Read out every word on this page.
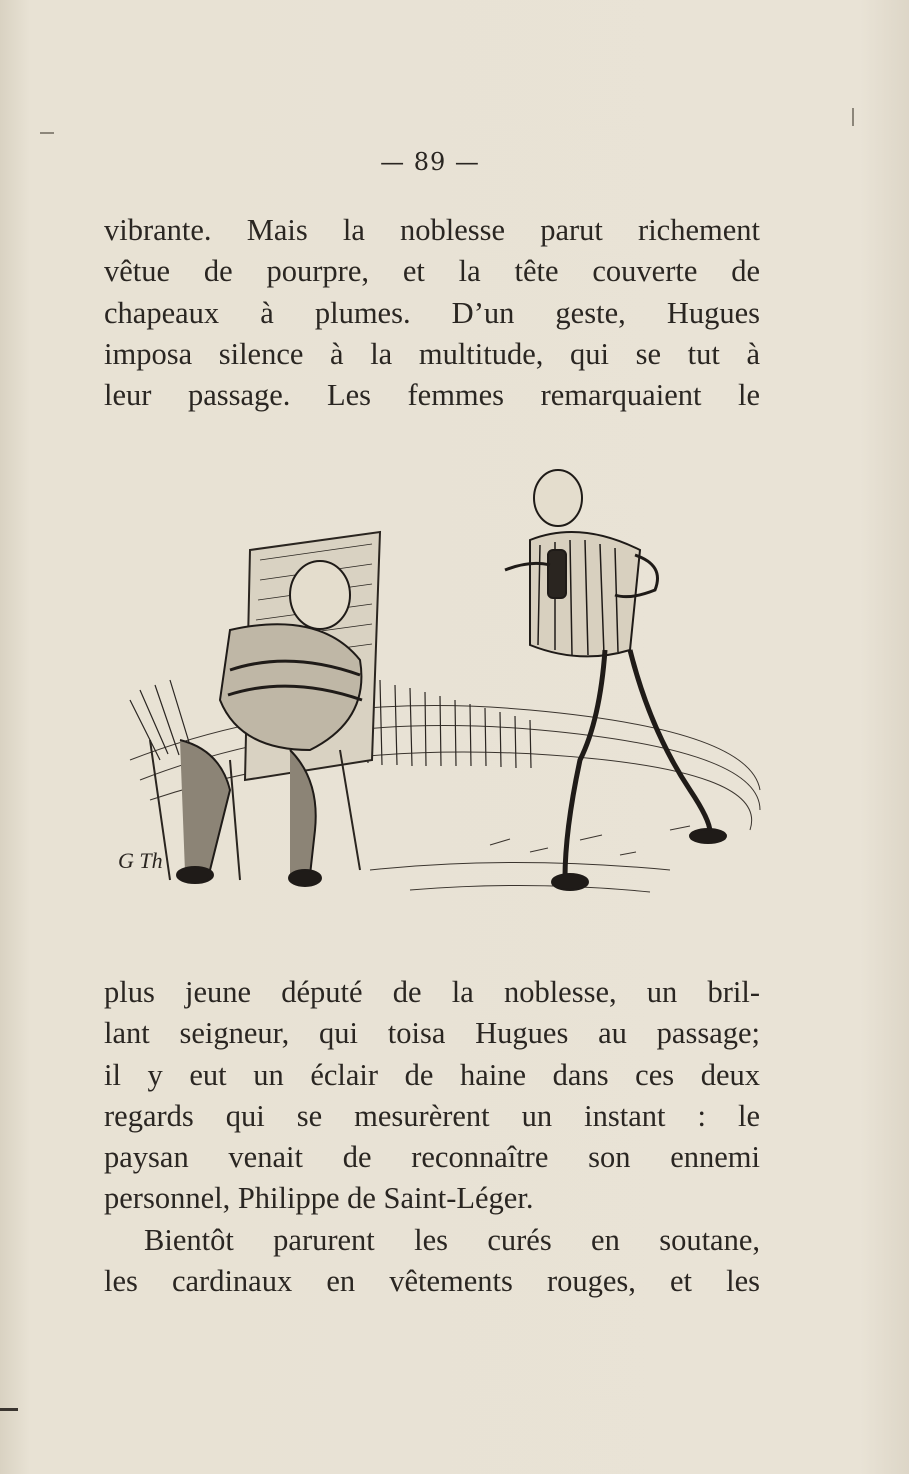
— 89 —
vibrante. Mais la noblesse parut richement
vêtue de pourpre, et la tête couverte de
chapeaux à plumes. D’un geste, Hugues
imposa silence à la multitude, qui se tut à
leur passage. Les femmes remarquaient le
G Th
plus jeune député de la noblesse, un bril-
lant seigneur, qui toisa Hugues au passage;
il y eut un éclair de haine dans ces deux
regards qui se mesurèrent un instant : le
paysan venait de reconnaître son ennemi
personnel, Philippe de Saint-Léger.
Bientôt parurent les curés en soutane,
les cardinaux en vêtements rouges, et les
